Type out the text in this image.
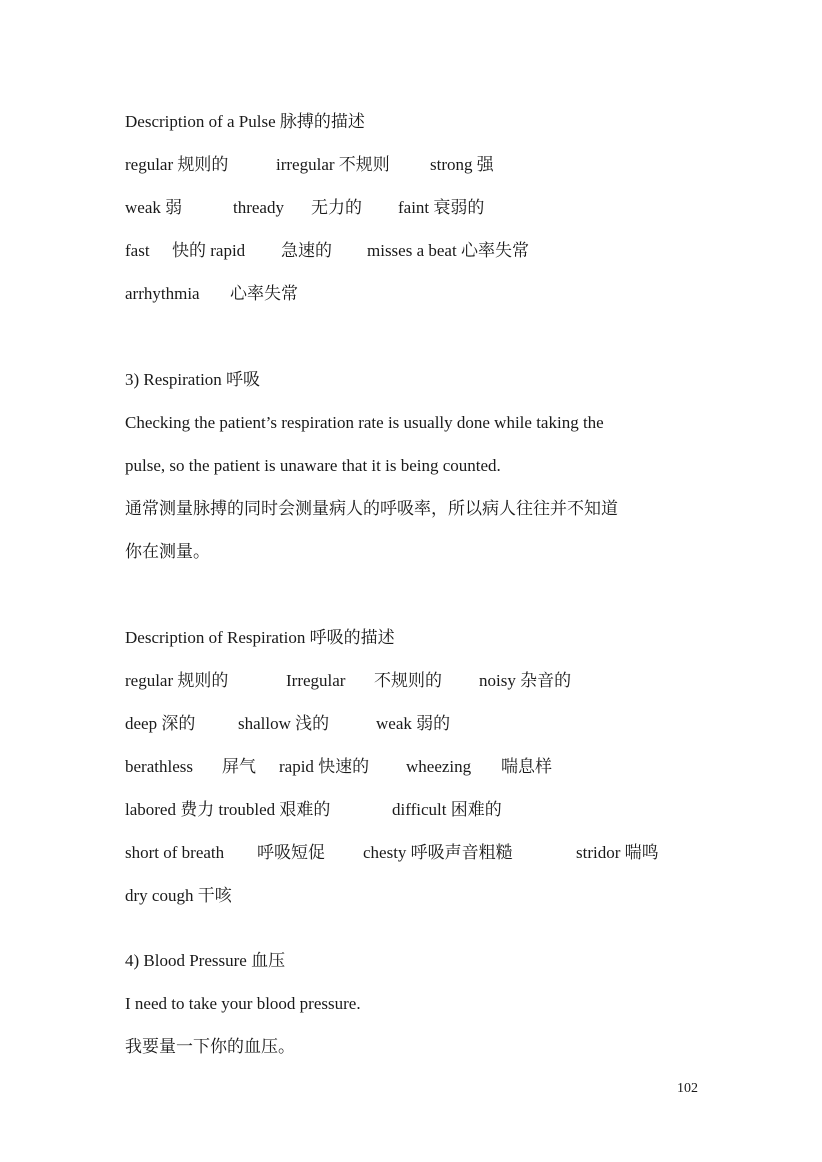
Description of a Pulse 脉搏的描述
regular 规则的	irregular 不规则 strong 强
weak 弱	thready 无力的 faint 衰弱的
fast 快的 rapid 急速的 misses a beat 心率失常
arrhythmia 心率失常
3) Respiration 呼吸
Checking the patient’s respiration rate is usually done while taking the
pulse, so the patient is unaware that it is being counted.
通常测量脉搏的同时会测量病人的呼吸率，所以病人往往并不知道
你在测量。
Description of Respiration 呼吸的描述
regular 规则的	Irregular 不规则的 noisy 杂音的
deep 深的	shallow 浅的	weak 弱的
berathless 屏气 rapid 快速的 wheezing 喘息样
labored 费力 troubled 艰难的	difficult 困难的
short of breath 呼吸短促 chesty 呼吸声音粗糙	stridor 喘鸣
dry cough 干咳
4) Blood Pressure 血压
I need to take your blood pressure.
我要量一下你的血压。
102
